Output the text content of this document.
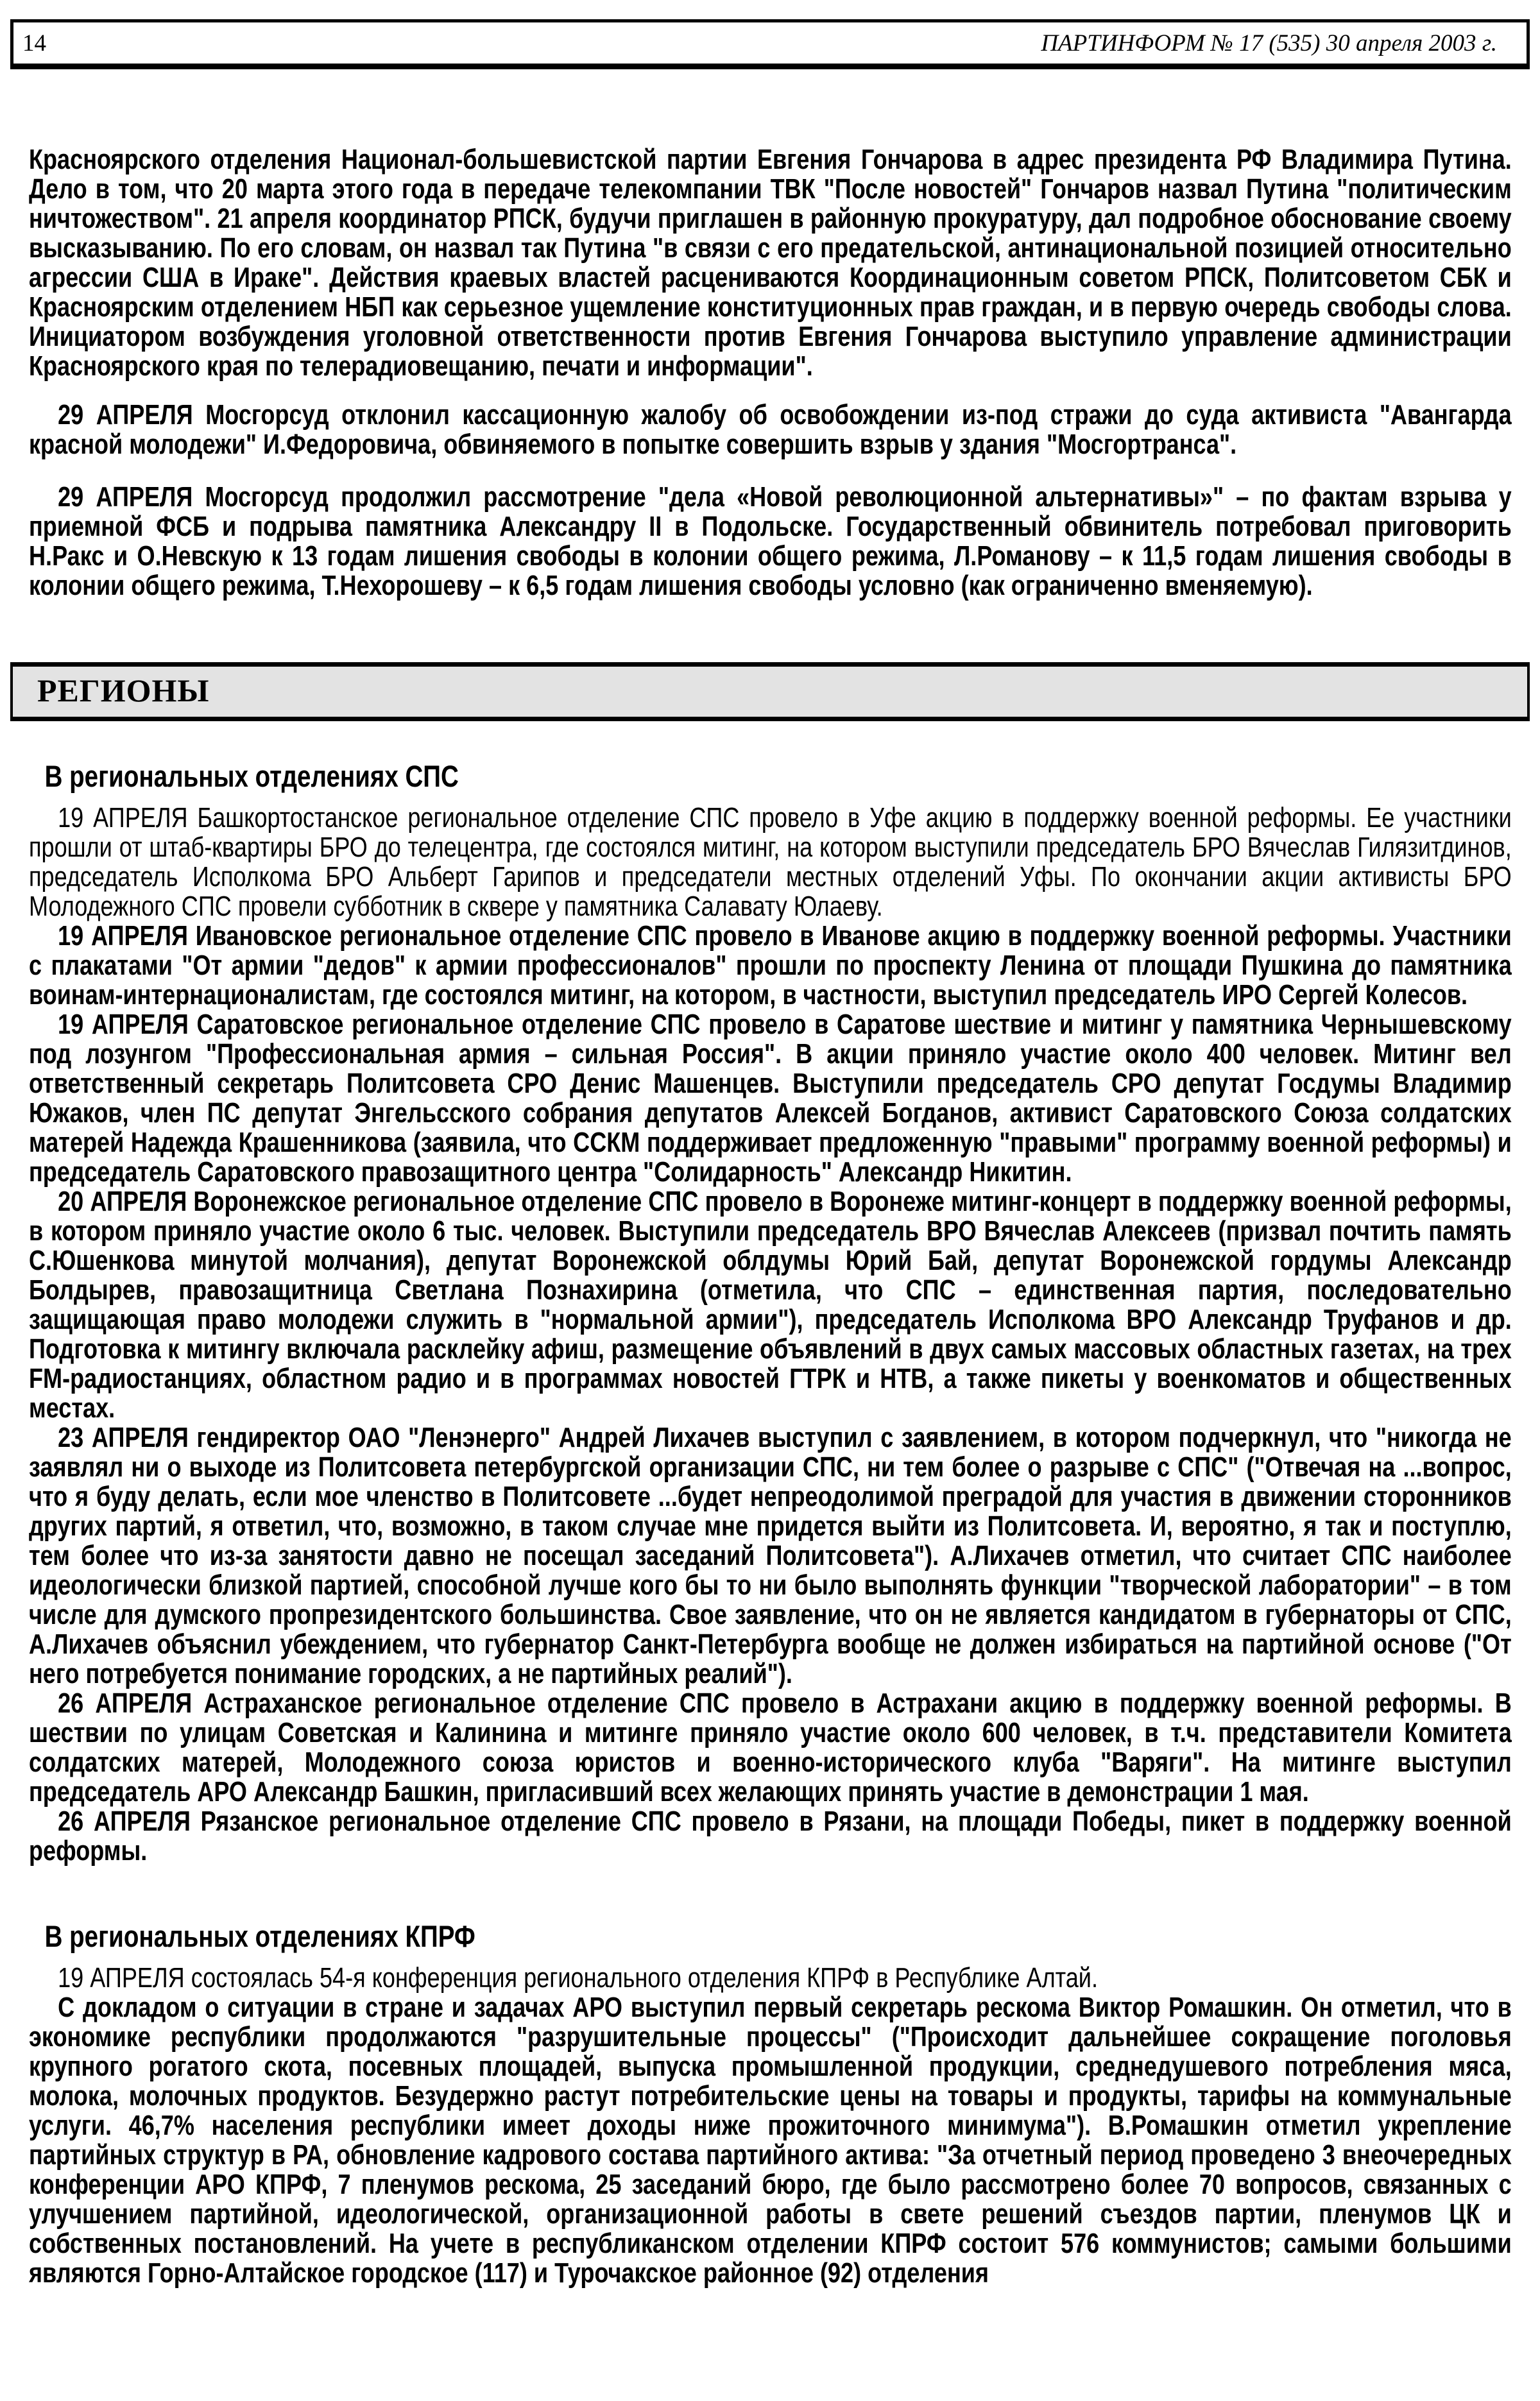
14	ПАРТИНФОРМ № 17 (535) 30 апреля 2003 г.

Красноярского отделения Национал-большевистской партии Евгения Гончарова в адрес президента РФ Владимира Путина. Дело в том, что 20 марта этого года в передаче телекомпании ТВК "После новостей" Гончаров назвал Путина "политическим ничтожеством". 21 апреля координатор РПСК, будучи приглашен в районную прокуратуру, дал подробное обоснование своему высказыванию. По его словам, он назвал так Путина "в связи с его предательской, антинациональной позицией относительно агрессии США в Ираке". Действия краевых властей расцениваются Координационным советом РПСК, Политсоветом СБК и Красноярским отделением НБП как серьезное ущемление конституционных прав граждан, и в первую очередь свободы слова. Инициатором возбуждения уголовной ответственности против Евгения Гончарова выступило управление администрации Красноярского края по телерадиовещанию, печати и информации".

29 АПРЕЛЯ Мосгорсуд отклонил кассационную жалобу об освобождении из-под стражи до суда активиста "Авангарда красной молодежи" И.Федоровича, обвиняемого в попытке совершить взрыв у здания "Мосгортранса".

29 АПРЕЛЯ Мосгорсуд продолжил рассмотрение "дела «Новой революционной альтернативы»" – по фактам взрыва у приемной ФСБ и подрыва памятника Александру II в Подольске. Государственный обвинитель потребовал приговорить Н.Ракс и О.Невскую к 13 годам лишения свободы в колонии общего режима, Л.Романову – к 11,5 годам лишения свободы в колонии общего режима, Т.Нехорошеву – к 6,5 годам лишения свободы условно (как ограниченно вменяемую).

РЕГИОНЫ
В региональных отделениях СПС

19 АПРЕЛЯ Башкортостанское региональное отделение СПС провело в Уфе акцию в поддержку военной реформы. Ее участники прошли от штаб-квартиры БРО до телецентра, где состоялся митинг, на котором выступили председатель БРО Вячеслав Гилязитдинов, председатель Исполкома БРО Альберт Гарипов и председатели местных отделений Уфы. По окончании акции активисты БРО Молодежного СПС провели субботник в сквере у памятника Салавату Юлаеву.

19 АПРЕЛЯ Ивановское региональное отделение СПС провело в Иванове акцию в поддержку военной реформы. Участники с плакатами "От армии "дедов" к армии профессионалов" прошли по проспекту Ленина от площади Пушкина до памятника воинам-интернационалистам, где состоялся митинг, на котором, в частности, выступил председатель ИРО Сергей Колесов.

19 АПРЕЛЯ Саратовское региональное отделение СПС провело в Саратове шествие и митинг у памятника Чернышевскому под лозунгом "Профессиональная армия – сильная Россия". В акции приняло участие около 400 человек. Митинг вел ответственный секретарь Политсовета СРО Денис Машенцев. Выступили председатель СРО депутат Госдумы Владимир Южаков, член ПС депутат Энгельсского собрания депутатов Алексей Богданов, активист Саратовского Союза солдатских матерей Надежда Крашенникова (заявила, что ССКМ поддерживает предложенную "правыми" программу военной реформы) и председатель Саратовского правозащитного центра "Солидарность" Александр Никитин.

20 АПРЕЛЯ Воронежское региональное отделение СПС провело в Воронеже митинг-концерт в поддержку военной реформы, в котором приняло участие около 6 тыс. человек. Выступили председатель ВРО Вячеслав Алексеев (призвал почтить память С.Юшенкова минутой молчания), депутат Воронежской облдумы Юрий Бай, депутат Воронежской гордумы Александр Болдырев, правозащитница Светлана Познахирина (отметила, что СПС – единственная партия, последовательно защищающая право молодежи служить в "нормальной армии"), председатель Исполкома ВРО Александр Труфанов и др. Подготовка к митингу включала расклейку афиш, размещение объявлений в двух самых массовых областных газетах, на трех FM-радиостанциях, областном радио и в программах новостей ГТРК и НТВ, а также пикеты у военкоматов и общественных местах.

23 АПРЕЛЯ гендиректор ОАО "Ленэнерго" Андрей Лихачев выступил с заявлением, в котором подчеркнул, что "никогда не заявлял ни о выходе из Политсовета петербургской организации СПС, ни тем более о разрыве с СПС" ("Отвечая на ...вопрос, что я буду делать, если мое членство в Политсовете ...будет непреодолимой преградой для участия в движении сторонников других партий, я ответил, что, возможно, в таком случае мне придется выйти из Политсовета. И, вероятно, я так и поступлю, тем более что из-за занятости давно не посещал заседаний Политсовета"). А.Лихачев отметил, что считает СПС наиболее идеологически близкой партией, способной лучше кого бы то ни было выполнять функции "творческой лаборатории" – в том числе для думского пропрезидентского большинства. Свое заявление, что он не является кандидатом в губернаторы от СПС, А.Лихачев объяснил убеждением, что губернатор Санкт-Петербурга вообще не должен избираться на партийной основе ("От него потребуется понимание городских, а не партийных реалий").

26 АПРЕЛЯ Астраханское региональное отделение СПС провело в Астрахани акцию в поддержку военной реформы. В шествии по улицам Советская и Калинина и митинге приняло участие около 600 человек, в т.ч. представители Комитета солдатских матерей, Молодежного союза юристов и военно-исторического клуба "Варяги". На митинге выступил председатель АРО Александр Башкин, пригласивший всех желающих принять участие в демонстрации 1 мая.

26 АПРЕЛЯ Рязанское региональное отделение СПС провело в Рязани, на площади Победы, пикет в поддержку военной реформы.

В региональных отделениях КПРФ

19 АПРЕЛЯ состоялась 54-я конференция регионального отделения КПРФ в Республике Алтай.

С докладом о ситуации в стране и задачах АРО выступил первый секретарь рескома Виктор Ромашкин. Он отметил, что в экономике республики продолжаются "разрушительные процессы" ("Происходит дальнейшее сокращение поголовья крупного рогатого скота, посевных площадей, выпуска промышленной продукции, среднедушевого потребления мяса, молока, молочных продуктов. Безудержно растут потребительские цены на товары и продукты, тарифы на коммунальные услуги. 46,7% населения республики имеет доходы ниже прожиточного минимума"). В.Ромашкин отметил укрепление партийных структур в РА, обновление кадрового состава партийного актива: "За отчетный период проведено 3 внеочередных конференции АРО КПРФ, 7 пленумов рескома, 25 заседаний бюро, где было рассмотрено более 70 вопросов, связанных с улучшением партийной, идеологической, организационной работы в свете решений съездов партии, пленумов ЦК и собственных постановлений. На учете в республиканском отделении КПРФ состоит 576 коммунистов; самыми большими являются Горно-Алтайское городское (117) и Турочакское районное (92) отделения
